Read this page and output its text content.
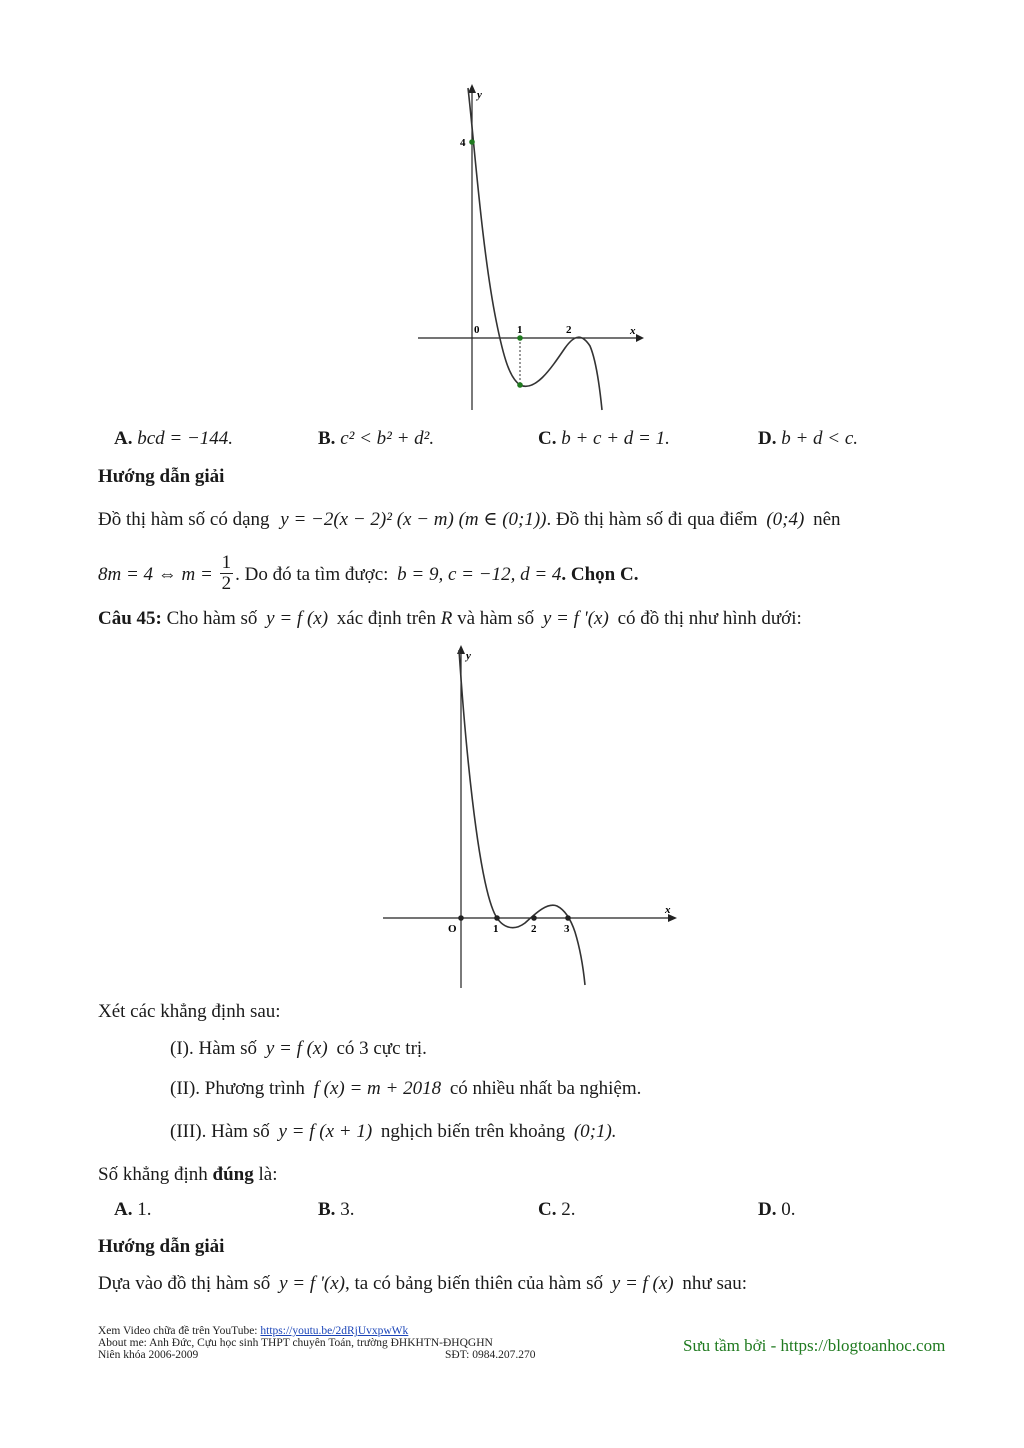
y
x
4
0	1	2
A. bcd = −144.	B. c² < b² + d².	C. b + c + d = 1.	D. b + d < c.
Hướng dẫn giải
Đồ thị hàm số có dạng y = −2(x − 2)² (x − m) (m ∈ (0;1)). Đồ thị hàm số đi qua điểm (0;4) nên
8m = 4 ⇔ $m = \frac{1}{2}$ . Do đó ta tìm được: b = 9, c = −12, d = 4. Chọn C.
Câu 45: Cho hàm số y = f (x) xác định trên R và hàm số y = f '(x) có đồ thị như hình dưới:
y
x
O	1	2	3
Xét các khẳng định sau:
(I). Hàm số y = f (x) có 3 cực trị.
(II). Phương trình f (x) = m + 2018 có nhiều nhất ba nghiệm.
(III). Hàm số y = f (x + 1) nghịch biến trên khoảng (0;1).
Số khẳng định đúng là:
A. 1.	B. 3.	C. 2.	D. 0.
Hướng dẫn giải
Dựa vào đồ thị hàm số y = f '(x), ta có bảng biến thiên của hàm số y = f (x) như sau:
Xem Video chữa đề trên YouTube: https://youtu.be/2dRjUvxpwWk
About me: Anh Đức, Cựu học sinh THPT chuyên Toán, trường ĐHKHTN-ĐHQGHN
Niên khóa 2006-2009	SĐT: 0984.207.270	Sưu tầm bởi - https://blogtoanhoc.com
